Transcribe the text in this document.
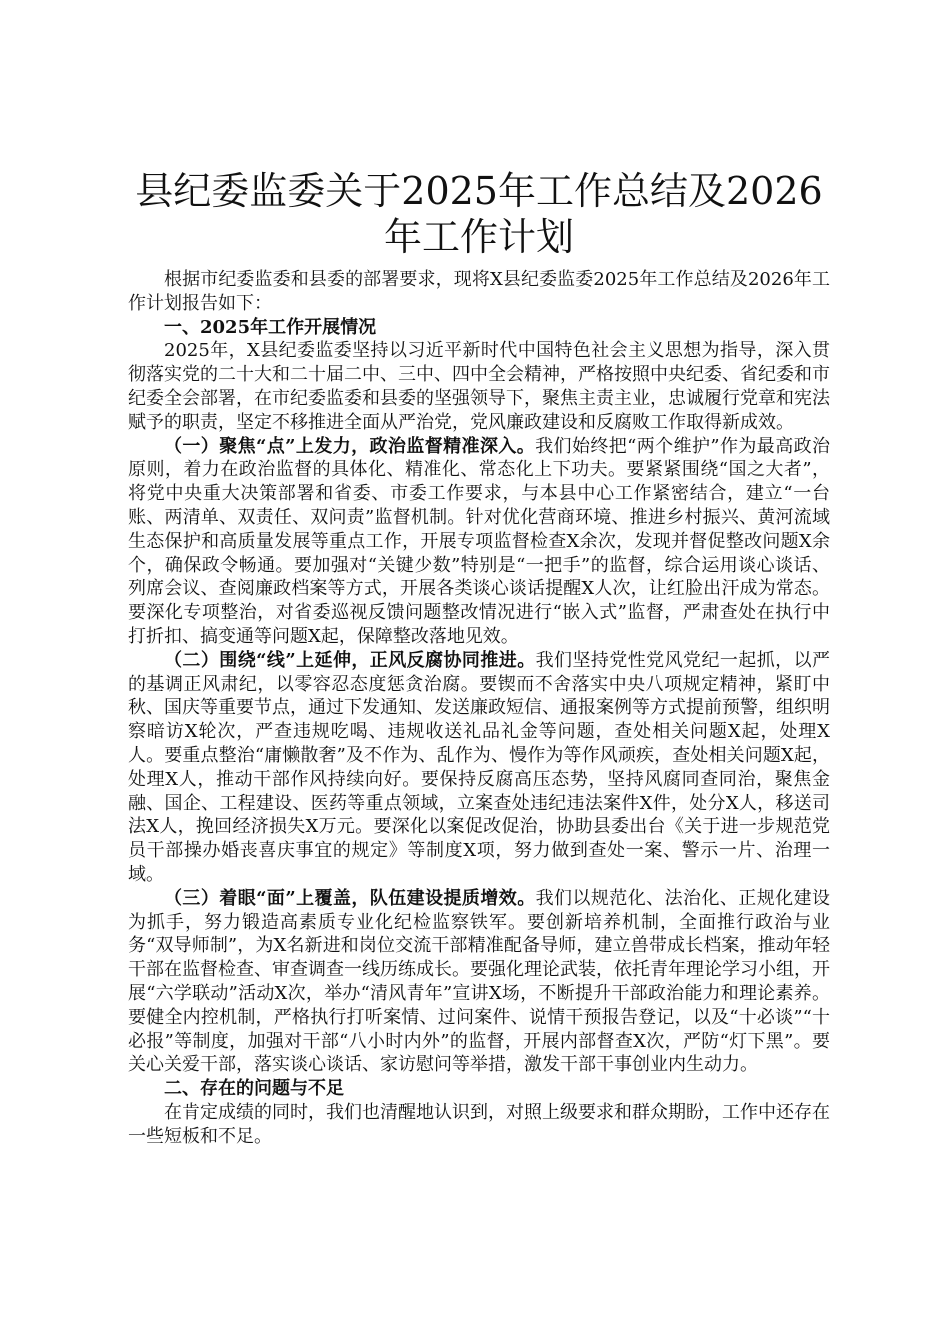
县纪委监委关于2025年工作总结及2026年工作计划

根据市纪委监委和县委的部署要求，现将X县纪委监委2025年工作总结及2026年工作计划报告如下：

一、2025年工作开展情况

2025年，X县纪委监委坚持以习近平新时代中国特色社会主义思想为指导，深入贯彻落实党的二十大和二十届二中、三中、四中全会精神，严格按照中央纪委、省纪委和市纪委全会部署，在市纪委监委和县委的坚强领导下，聚焦主责主业，忠诚履行党章和宪法赋予的职责，坚定不移推进全面从严治党，党风廉政建设和反腐败工作取得新成效。

（一）聚焦“点”上发力，政治监督精准深入。我们始终把“两个维护”作为最高政治原则，着力在政治监督的具体化、精准化、常态化上下功夫。要紧紧围绕“国之大者”，将党中央重大决策部署和省委、市委工作要求，与本县中心工作紧密结合，建立“一台账、两清单、双责任、双问责”监督机制。针对优化营商环境、推进乡村振兴、黄河流域生态保护和高质量发展等重点工作，开展专项监督检查X余次，发现并督促整改问题X余个，确保政令畅通。要加强对“关键少数”特别是“一把手”的监督，综合运用谈心谈话、列席会议、查阅廉政档案等方式，开展各类谈心谈话提醒X人次，让红脸出汗成为常态。要深化专项整治，对省委巡视反馈问题整改情况进行“嵌入式”监督，严肃查处在执行中打折扣、搞变通等问题X起，保障整改落地见效。

（二）围绕“线”上延伸，正风反腐协同推进。我们坚持党性党风党纪一起抓，以严的基调正风肃纪，以零容忍态度惩贪治腐。要锲而不舍落实中央八项规定精神，紧盯中秋、国庆等重要节点，通过下发通知、发送廉政短信、通报案例等方式提前预警，组织明察暗访X轮次，严查违规吃喝、违规收送礼品礼金等问题，查处相关问题X起，处理X人。要重点整治“庸懒散奢”及不作为、乱作为、慢作为等作风顽疾，查处相关问题X起，处理X人，推动干部作风持续向好。要保持反腐高压态势，坚持风腐同查同治，聚焦金融、国企、工程建设、医药等重点领域，立案查处违纪违法案件X件，处分X人，移送司法X人，挽回经济损失X万元。要深化以案促改促治，协助县委出台《关于进一步规范党员干部操办婚丧喜庆事宜的规定》等制度X项，努力做到查处一案、警示一片、治理一域。

（三）着眼“面”上覆盖，队伍建设提质增效。我们以规范化、法治化、正规化建设为抓手，努力锻造高素质专业化纪检监察铁军。要创新培养机制，全面推行政治与业务“双导师制”，为X名新进和岗位交流干部精准配备导师，建立兽带成长档案，推动年轻干部在监督检查、审查调查一线历练成长。要强化理论武装，依托青年理论学习小组，开展“六学联动”活动X次，举办“清风青年”宣讲X场，不断提升干部政治能力和理论素养。要健全内控机制，严格执行打听案情、过问案件、说情干预报告登记，以及“十必谈”“十必报”等制度，加强对干部“八小时内外”的监督，开展内部督查X次，严防“灯下黑”。要关心关爱干部，落实谈心谈话、家访慰问等举措，激发干部干事创业内生动力。

二、存在的问题与不足

在肯定成绩的同时，我们也清醒地认识到，对照上级要求和群众期盼，工作中还存在一些短板和不足。
